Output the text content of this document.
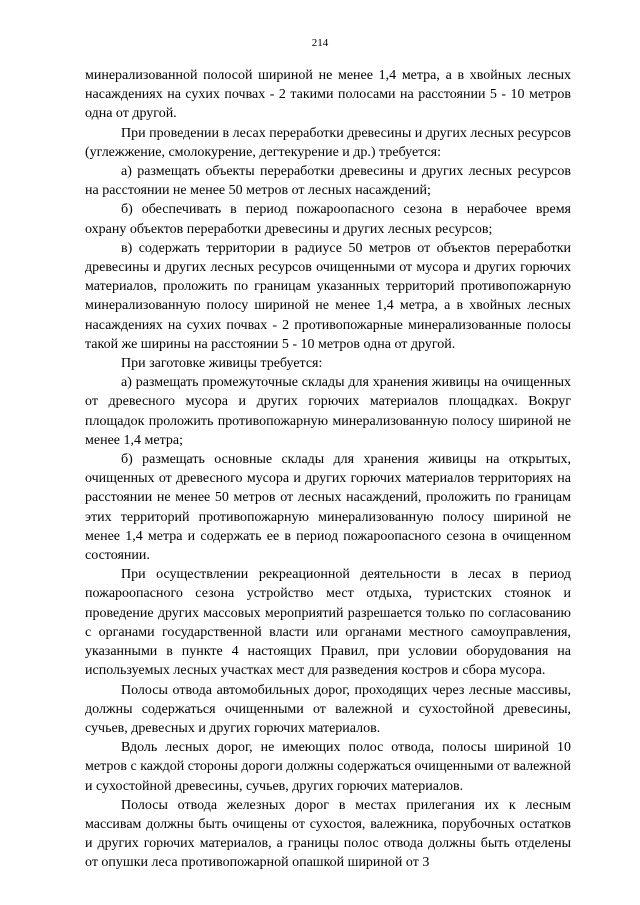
214

минерализованной полосой шириной не менее 1,4 метра, а в хвойных лесных насаждениях на сухих почвах - 2 такими полосами на расстоянии 5 - 10 метров одна от другой.

При проведении в лесах переработки древесины и других лесных ресурсов (углежжение, смолокурение, дегтекурение и др.) требуется:

а) размещать объекты переработки древесины и других лесных ресурсов на расстоянии не менее 50 метров от лесных насаждений;

б) обеспечивать в период пожароопасного сезона в нерабочее время охрану объектов переработки древесины и других лесных ресурсов;

в) содержать территории в радиусе 50 метров от объектов переработки древесины и других лесных ресурсов очищенными от мусора и других горючих материалов, проложить по границам указанных территорий противопожарную минерализованную полосу шириной не менее 1,4 метра, а в хвойных лесных насаждениях на сухих почвах - 2 противопожарные минерализованные полосы такой же ширины на расстоянии 5 - 10 метров одна от другой.

При заготовке живицы требуется:

а) размещать промежуточные склады для хранения живицы на очищенных от древесного мусора и других горючих материалов площадках. Вокруг площадок проложить противопожарную минерализованную полосу шириной не менее 1,4 метра;

б) размещать основные склады для хранения живицы на открытых, очищенных от древесного мусора и других горючих материалов территориях на расстоянии не менее 50 метров от лесных насаждений, проложить по границам этих территорий противопожарную минерализованную полосу шириной не менее 1,4 метра и содержать ее в период пожароопасного сезона в очищенном состоянии.

При осуществлении рекреационной деятельности в лесах в период пожароопасного сезона устройство мест отдыха, туристских стоянок и проведение других массовых мероприятий разрешается только по согласованию с органами государственной власти или органами местного самоуправления, указанными в пункте 4 настоящих Правил, при условии оборудования на используемых лесных участках мест для разведения костров и сбора мусора.

Полосы отвода автомобильных дорог, проходящих через лесные массивы, должны содержаться очищенными от валежной и сухостойной древесины, сучьев, древесных и других горючих материалов.

Вдоль лесных дорог, не имеющих полос отвода, полосы шириной 10 метров с каждой стороны дороги должны содержаться очищенными от валежной и сухостойной древесины, сучьев, других горючих материалов.

Полосы отвода железных дорог в местах прилегания их к лесным массивам должны быть очищены от сухостоя, валежника, порубочных остатков и других горючих материалов, а границы полос отвода должны быть отделены от опушки леса противопожарной опашкой шириной от 3
